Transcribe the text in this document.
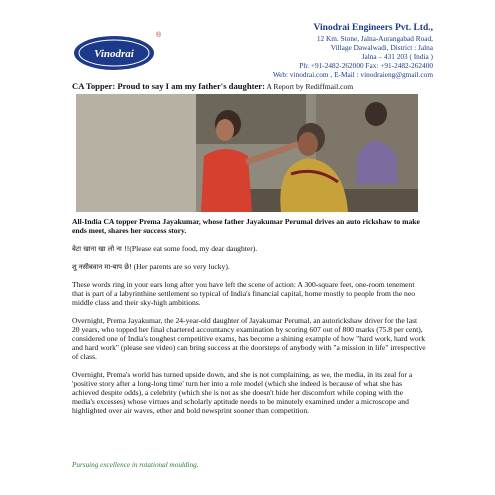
Vinodrai
®
Vinodrai Engineers Pvt. Ltd.,
12 Km. Stone, Jalna-Aurangabad Road,
Village Dawalwadi, District : Jalna
Jalna – 431 203 ( India )
Ph: +91-2482-262000 Fax: +91-2482-262400
Web: vinodrai.com , E-Mail : vinodraieng@gmail.com
CA Topper: Proud to say I am my father's daughter: A Report by Rediffmail.com
All-India CA topper Prema Jayakumar, whose father Jayakumar Perumal drives an auto rickshaw to make ends meet, shares her success story.

बेटा खाना खा लो ना !!(Please eat some food, my dear daughter).

शु नसीबवान मा-बाप छे! (Her parents are so very lucky).

These words ring in your ears long after you have left the scene of action: A 300-square feet, one-room tenement that is part of a labyrinthine settlement so typical of India's financial capital, home mostly to people from the neo middle class and their sky-high ambitions.

Overnight, Prema Jayakumar, the 24-year-old daughter of Jayakumar Perumal, an autorickshaw driver for the last 20 years, who topped her final chartered accountancy examination by scoring 607 out of 800 marks (75.8 per cent), considered one of India's toughest competitive exams, has become a shining example of how "hard work, hard work and hard work" (please see video) can bring success at the doorsteps of anybody with "a mission in life" irrespective of class.

Overnight, Prema's world has turned upside down, and she is not complaining, as we, the media, in its zeal for a 'positive story after a long-long time' turn her into a role model (which she indeed is because of what she has achieved despite odds), a celebrity (which she is not as she doesn't hide her discomfort while coping with the media's excesses) whose virtues and scholarly aptitude needs to be minutely examined under a microscope and highlighted over air waves, ether and bold newsprint sooner than competition.

Pursuing excellence in rotational moulding.
